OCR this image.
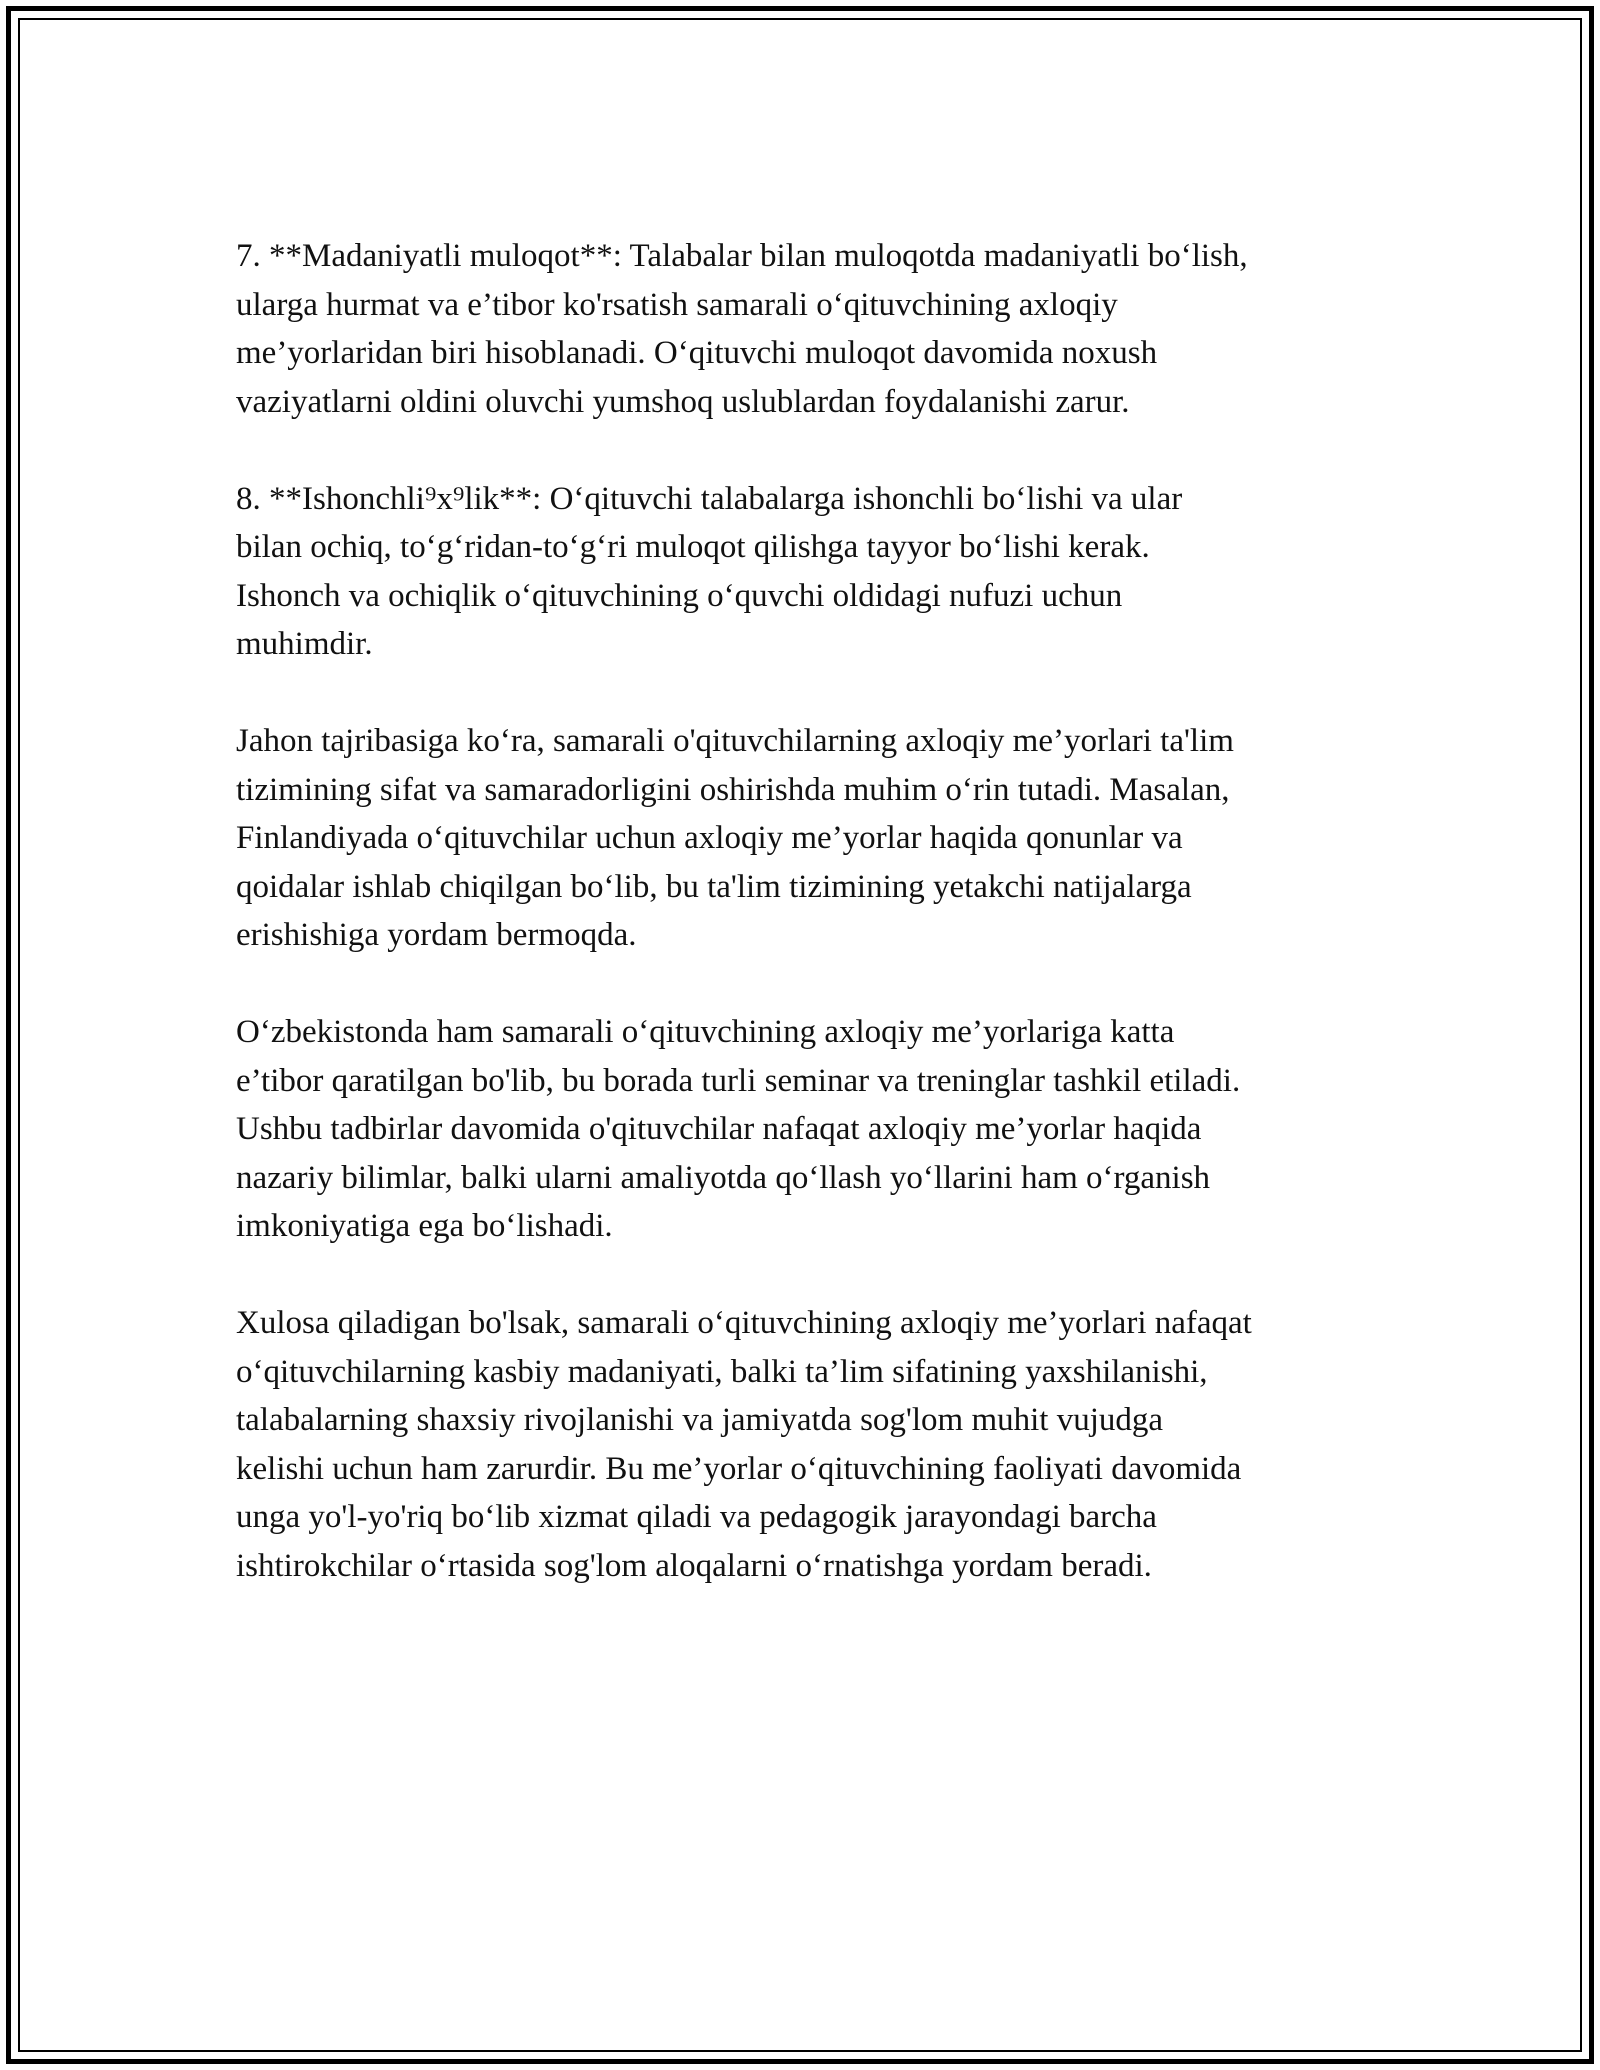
7. **Madaniyatli muloqot**: Talabalar bilan muloqotda madaniyatli bo‘lish,
ularga hurmat va e’tibor ko'rsatish samarali o‘qituvchining axloqiy
me’yorlaridan biri hisoblanadi. O‘qituvchi muloqot davomida noxush
vaziyatlarni oldini oluvchi yumshoq uslublardan foydalanishi zarur.

8. **Ishonchli⁹x⁹lik**: O‘qituvchi talabalarga ishonchli bo‘lishi va ular
bilan ochiq, to‘g‘ridan-to‘g‘ri muloqot qilishga tayyor bo‘lishi kerak.
Ishonch va ochiqlik o‘qituvchining o‘quvchi oldidagi nufuzi uchun
muhimdir.

Jahon tajribasiga ko‘ra, samarali o'qituvchilarning axloqiy me’yorlari ta'lim
tizimining sifat va samaradorligini oshirishda muhim o‘rin tutadi. Masalan,
Finlandiyada o‘qituvchilar uchun axloqiy me’yorlar haqida qonunlar va
qoidalar ishlab chiqilgan bo‘lib, bu ta'lim tizimining yetakchi natijalarga
erishishiga yordam bermoqda.

O‘zbekistonda ham samarali o‘qituvchining axloqiy me’yorlariga katta
e’tibor qaratilgan bo'lib, bu borada turli seminar va treninglar tashkil etiladi.
Ushbu tadbirlar davomida o'qituvchilar nafaqat axloqiy me’yorlar haqida
nazariy bilimlar, balki ularni amaliyotda qo‘llash yo‘llarini ham o‘rganish
imkoniyatiga ega bo‘lishadi.

Xulosa qiladigan bo'lsak, samarali o‘qituvchining axloqiy me’yorlari nafaqat
o‘qituvchilarning kasbiy madaniyati, balki ta’lim sifatining yaxshilanishi,
talabalarning shaxsiy rivojlanishi va jamiyatda sog'lom muhit vujudga
kelishi uchun ham zarurdir. Bu me’yorlar o‘qituvchining faoliyati davomida
unga yo'l-yo'riq bo‘lib xizmat qiladi va pedagogik jarayondagi barcha
ishtirokchilar o‘rtasida sog'lom aloqalarni o‘rnatishga yordam beradi.
